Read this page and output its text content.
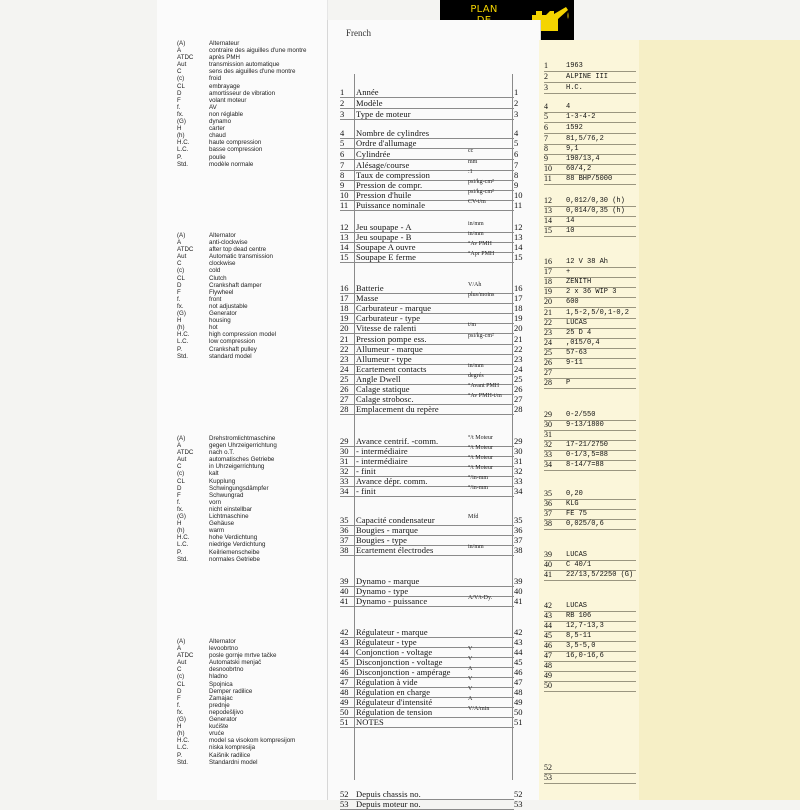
PLAN
(A)	Alternateur
A	contraire des aiguilles d'une montre
ATDC	après PMH
Aut	transmission automatique
C	sens des aiguilles d'une montre
(c)	froid
CL	embrayage
D	amortisseur de vibration
F	volant moteur
f.	AV
fx.	non réglable
(G)	dynamo
H	carter
(h)	chaud
H.C.	haute compression
L.C.	basse compression
P.	poulie
Std.	modèle normale
(A)	Alternator
A	anti-clockwise
ATDC	after top dead centre
Aut	Automatic transmission
C	clockwise
(c)	cold
CL	Clutch
D	Crankshaft damper
F	Flywheel
f.	front
fx.	not adjustable
(G)	Generator
H	housing
(h)	hot
H.C.	high compression model
L.C.	low compression
P.	Crankshaft pulley
Std.	standard model
(A)	Drehstromlichtmaschine
A	gegen Uhrzeigerrichtung
ATDC	nach o.T.
Aut	automatisches Getriebe
C	in Uhrzeigerrichtung
(c)	kalt
CL	Kupplung
D	Schwingungsdämpfer
F	Schwungrad
f.	vorn
fx.	nicht einstellbar
(G)	Lichtmaschine
H	Gehäuse
(h)	warm
H.C.	hohe Verdichtung
L.C.	niedrige Verdichtung
P.	Keilriemenscheibe
Std.	normales Getriebe
(A)	Alternator
A	levoobrtno
ATDC	posle gornje mrtve tačke
Aut	Automatski menjač
C	desnoobrtno
(c)	hladno
CL	Spojnica
D	Demper radilice
F	Zamajac
f.	prednje
fx.	nepodešljivo
(G)	Generator
H	kućište
(h)	vruće
H.C.	model sa visokom kompresijom
L.C.	niska kompresija
P.	Kaišnik radilice
Std.	Standardni model
French
1 Année	1
2 Modèle	2
3 Type de moteur	3
4 Nombre de cylindres	4
5 Ordre d'allumage	5
6 Cylindrée	cc	6
7 Alésage/course	mm	7
8 Taux de compression	:1	8
9 Pression de compr.	psi/kg-cm² 9
10 Pression d'huile	psi/kg-cm² 10
11 Puissance nominale	CV-t/m	11
12 Jeu soupape - A	in/mm	12
13 Jeu soupape - B	in/mm	13
14 Soupape A ouvre	°Av PMH	14
15 Soupape E ferme	°Apr PMH 15
16 Batterie	V/Ah	16
17 Masse	plus/moins 17
18 Carburateur - marque	18
19 Carburateur - type	19
20 Vitesse de ralenti	t/m	20
21 Pression pompe ess.	psi/kg-cm² 21
22 Allumeur - marque	22
23 Allumeur - type	23
24 Ecartement contacts	in/mm	24
25 Angle Dwell	degrés	25
26 Calage statique	°Avant PMH 26
27 Calage strobosc.	°Av PMH-t/m 27
28 Emplacement du repère	28
29 Avance centrif. -comm.	°/t Moteur 29
30 - intermédiaire	°/t Moteur 30
31 - intermédiaire	°/t Moteur 31
32 - finit	°/t Moteur 32
33 Avance dépr. comm.	°/in-mm	33
34 - finit	°/in-mm	34
35 Capacité condensateur	Mfd	35
36 Bougies - marque	36
37 Bougies - type	37
38 Ecartement électrodes	in/mm	38
39 Dynamo - marque	39
40 Dynamo - type	40
41 Dynamo - puissance	A/V/t-Dy.	41
42 Régulateur - marque	42
43 Régulateur - type	43
44 Conjonction - voltage	V	44
45 Disconjonction - voltage	V	45
46 Disconjonction - ampérage	A	46
47 Régulation à vide	V	47
48 Régulation en charge	V	48
49 Régulateur d'intensité	A	49
50 Régulation de tension	V/A/min	50
51 NOTES	51
52 Depuis chassis no.	52
53 Depuis moteur no.	53
1	1963
2	ALPINE III
3	H.C.
4	4
5	1-3-4-2
6	1592
7	81,5/76,2
8	9,1
9	190/13,4
10 60/4,2
11 88 BHP/5000
12 0,012/0,30 (h)
13 0,014/0,35 (h)
14 14
15 10
16 12 V 38 Ah
17 +
18 ZENITH
19 2 x 36 WIP 3
20 600
21 1,5-2,5/0,1-0,2
22 LUCAS
23 25 D 4
24 ,015/0,4
25 57-63
26 9-11
27
28 P
29 0-2/550
30 9-13/1800
31
32 17-21/2750
33 0-1/3,5=88
34 8-14/7=88
35 0,20
36 KLG
37 FE 75
38 0,025/0,6
39 LUCAS
40 C 40/1
41 22/13,5/2250 (G)
42 LUCAS
43 RB 106
44 12,7-13,3
45 8,5-11
46 3,5-5,0
47 16,0-16,6
48
49
50
52
53
